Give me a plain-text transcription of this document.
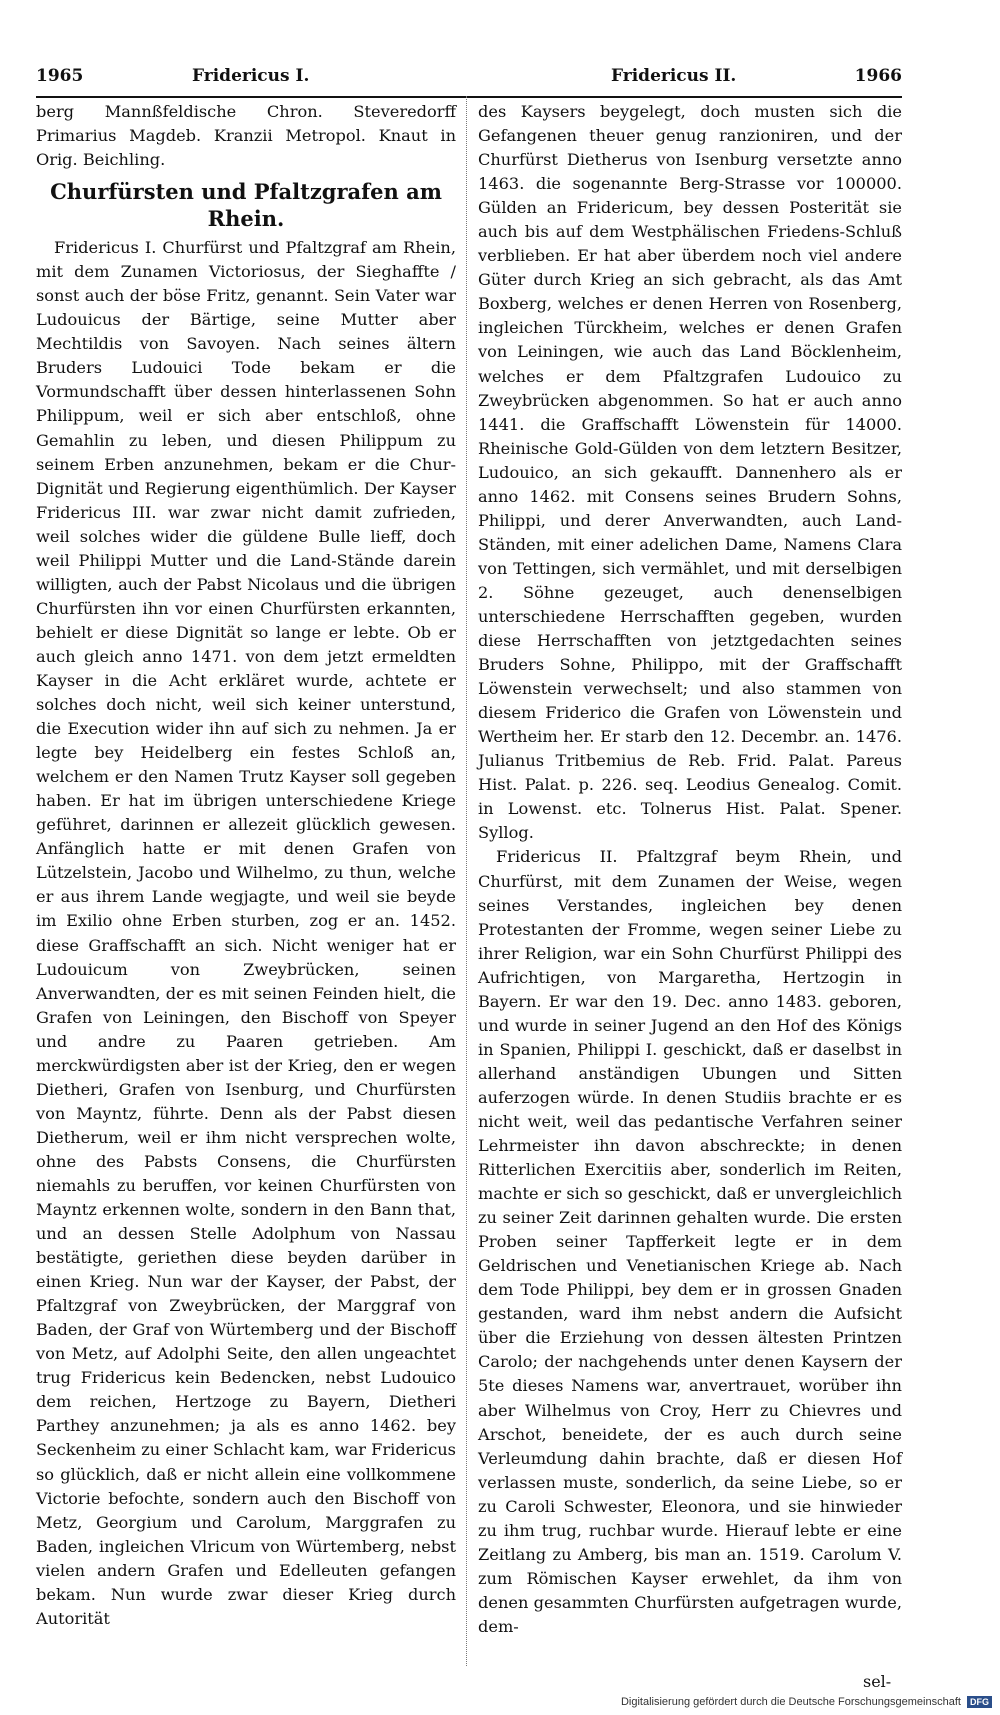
1965	Fridericus I.	Fridericus II.	1966

berg Mannßfeldische Chron. Steveredorff Primarius Magdeb. Kranzii Metropol. Knaut in Orig. Beichling.

Churfürsten und Pfaltzgrafen am Rhein.

Fridericus I. Churfürst und Pfaltzgraf am Rhein, mit dem Zunamen Victoriosus, der Sieghaffte / sonst auch der böse Fritz, genannt. Sein Vater war Ludouicus der Bärtige, seine Mutter aber Mechtildis von Savoyen. Nach seines ältern Bruders Ludouici Tode bekam er die Vormundschafft über dessen hinterlassenen Sohn Philippum, weil er sich aber entschloß, ohne Gemahlin zu leben, und diesen Philippum zu seinem Erben anzunehmen, bekam er die Chur-Dignität und Regierung eigenthümlich. Der Kayser Fridericus III. war zwar nicht damit zufrieden, weil solches wider die güldene Bulle lieff, doch weil Philippi Mutter und die Land-Stände darein willigten, auch der Pabst Nicolaus und die übrigen Churfürsten ihn vor einen Churfürsten erkannten, behielt er diese Dignität so lange er lebte. Ob er auch gleich anno 1471. von dem jetzt ermeldten Kayser in die Acht erkläret wurde, achtete er solches doch nicht, weil sich keiner unterstund, die Execution wider ihn auf sich zu nehmen. Ja er legte bey Heidelberg ein festes Schloß an, welchem er den Namen Trutz Kayser soll gegeben haben. Er hat im übrigen unterschiedene Kriege geführet, darinnen er allezeit glücklich gewesen. Anfänglich hatte er mit denen Grafen von Lützelstein, Jacobo und Wilhelmo, zu thun, welche er aus ihrem Lande wegjagte, und weil sie beyde im Exilio ohne Erben sturben, zog er an. 1452. diese Graffschafft an sich. Nicht weniger hat er Ludouicum von Zweybrücken, seinen Anverwandten, der es mit seinen Feinden hielt, die Grafen von Leiningen, den Bischoff von Speyer und andre zu Paaren getrieben. Am merckwürdigsten aber ist der Krieg, den er wegen Dietheri, Grafen von Isenburg, und Churfürsten von Mayntz, führte. Denn als der Pabst diesen Dietherum, weil er ihm nicht versprechen wolte, ohne des Pabsts Consens, die Churfürsten niemahls zu beruffen, vor keinen Churfürsten von Mayntz erkennen wolte, sondern in den Bann that, und an dessen Stelle Adolphum von Nassau bestätigte, geriethen diese beyden darüber in einen Krieg. Nun war der Kayser, der Pabst, der Pfaltzgraf von Zweybrücken, der Marggraf von Baden, der Graf von Würtemberg und der Bischoff von Metz, auf Adolphi Seite, den allen ungeachtet trug Fridericus kein Bedencken, nebst Ludouico dem reichen, Hertzoge zu Bayern, Dietheri Parthey anzunehmen; ja als es anno 1462. bey Seckenheim zu einer Schlacht kam, war Fridericus so glücklich, daß er nicht allein eine vollkommene Victorie befochte, sondern auch den Bischoff von Metz, Georgium und Carolum, Marggrafen zu Baden, ingleichen Vlricum von Würtemberg, nebst vielen andern Grafen und Edelleuten gefangen bekam. Nun wurde zwar dieser Krieg durch Autorität

des Kaysers beygelegt, doch musten sich die Gefangenen theuer genug ranzioniren, und der Churfürst Dietherus von Isenburg versetzte anno 1463. die sogenannte Berg-Strasse vor 100000. Gülden an Fridericum, bey dessen Posterität sie auch bis auf dem Westphälischen Friedens-Schluß verblieben. Er hat aber überdem noch viel andere Güter durch Krieg an sich gebracht, als das Amt Boxberg, welches er denen Herren von Rosenberg, ingleichen Türckheim, welches er denen Grafen von Leiningen, wie auch das Land Böcklenheim, welches er dem Pfaltzgrafen Ludouico zu Zweybrücken abgenommen. So hat er auch anno 1441. die Graffschafft Löwenstein für 14000. Rheinische Gold-Gülden von dem letztern Besitzer, Ludouico, an sich gekaufft. Dannenhero als er anno 1462. mit Consens seines Brudern Sohns, Philippi, und derer Anverwandten, auch Land-Ständen, mit einer adelichen Dame, Namens Clara von Tettingen, sich vermählet, und mit derselbigen 2. Söhne gezeuget, auch denenselbigen unterschiedene Herrschafften gegeben, wurden diese Herrschafften von jetztgedachten seines Bruders Sohne, Philippo, mit der Graffschafft Löwenstein verwechselt; und also stammen von diesem Friderico die Grafen von Löwenstein und Wertheim her. Er starb den 12. Decembr. an. 1476. Julianus Tritbemius de Reb. Frid. Palat. Pareus Hist. Palat. p. 226. seq. Leodius Genealog. Comit. in Lowenst. etc. Tolnerus Hist. Palat. Spener. Syllog.

Fridericus II. Pfaltzgraf beym Rhein, und Churfürst, mit dem Zunamen der Weise, wegen seines Verstandes, ingleichen bey denen Protestanten der Fromme, wegen seiner Liebe zu ihrer Religion, war ein Sohn Churfürst Philippi des Aufrichtigen, von Margaretha, Hertzogin in Bayern. Er war den 19. Dec. anno 1483. geboren, und wurde in seiner Jugend an den Hof des Königs in Spanien, Philippi I. geschickt, daß er daselbst in allerhand anständigen Ubungen und Sitten auferzogen würde. In denen Studiis brachte er es nicht weit, weil das pedantische Verfahren seiner Lehrmeister ihn davon abschreckte; in denen Ritterlichen Exercitiis aber, sonderlich im Reiten, machte er sich so geschickt, daß er unvergleichlich zu seiner Zeit darinnen gehalten wurde. Die ersten Proben seiner Tapfferkeit legte er in dem Geldrischen und Venetianischen Kriege ab. Nach dem Tode Philippi, bey dem er in grossen Gnaden gestanden, ward ihm nebst andern die Aufsicht über die Erziehung von dessen ältesten Printzen Carolo; der nachgehends unter denen Kaysern der 5te dieses Namens war, anvertrauet, worüber ihn aber Wilhelmus von Croy, Herr zu Chievres und Arschot, beneidete, der es auch durch seine Verleumdung dahin brachte, daß er diesen Hof verlassen muste, sonderlich, da seine Liebe, so er zu Caroli Schwester, Eleonora, und sie hinwieder zu ihm trug, ruchbar wurde. Hierauf lebte er eine Zeitlang zu Amberg, bis man an. 1519. Carolum V. zum Römischen Kayser erwehlet, da ihm von denen gesammten Churfürsten aufgetragen wurde, dem-

sel-
Digitalisierung gefördert durch die Deutsche Forschungsgemeinschaft DFG
